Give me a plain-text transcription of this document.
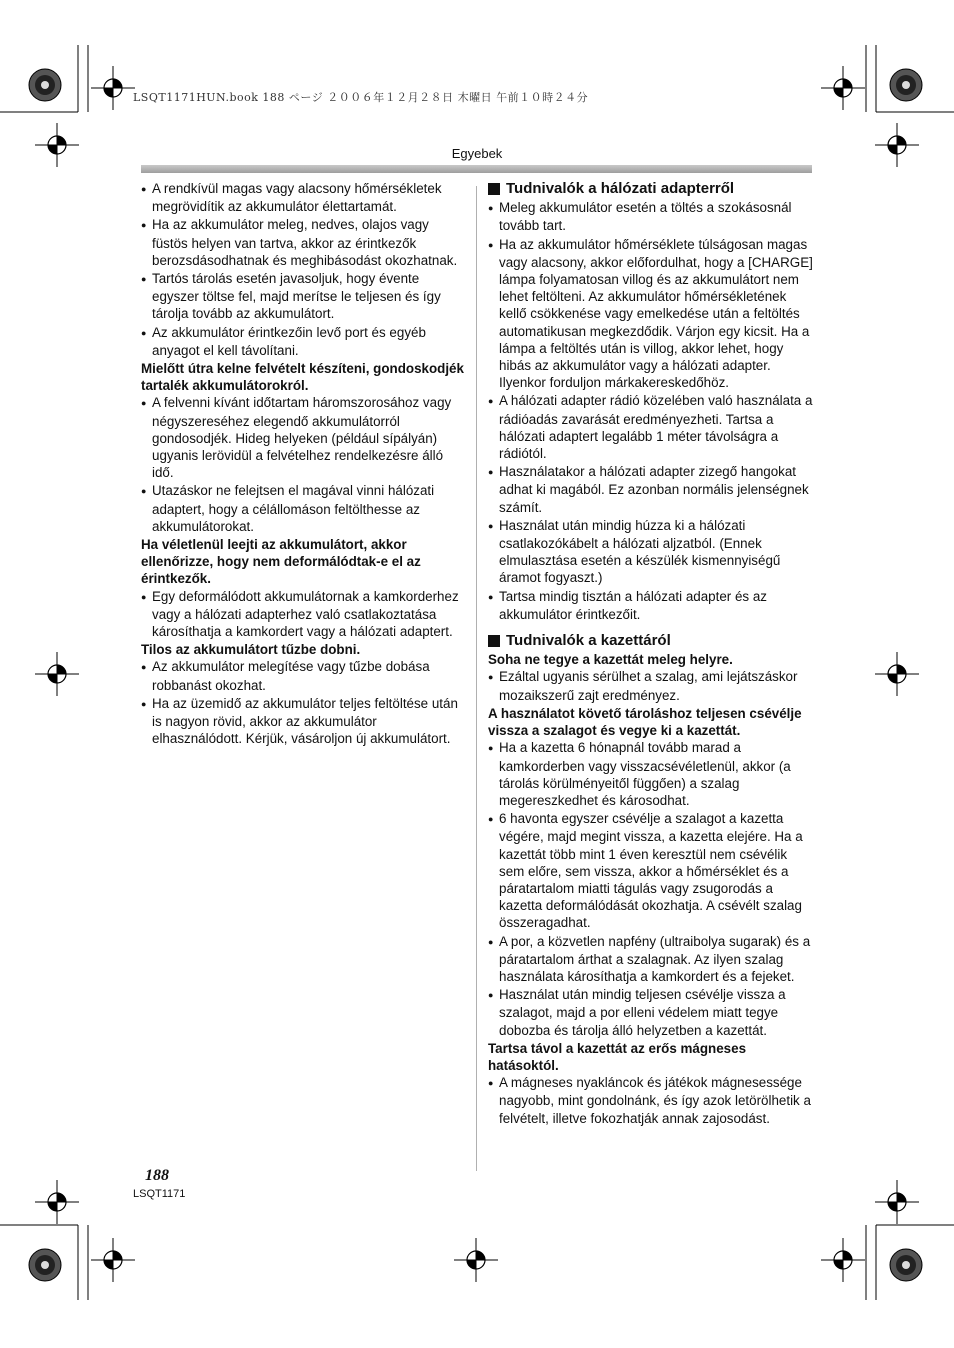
LSQT1171HUN.book 188 ページ ２００６年１２月２８日 木曜日 午前１０時２４分
Egyebek

● A rendkívül magas vagy alacsony hőmérsékletek megrövidítik az akkumulátor élettartamát.

● Ha az akkumulátor meleg, nedves, olajos vagy füstös helyen van tartva, akkor az érintkezők berozsdásodhatnak és meghibásodást okozhatnak.

● Tartós tárolás esetén javasoljuk, hogy évente egyszer töltse fel, majd merítse le teljesen és így tárolja tovább az akkumulátort.

● Az akkumulátor érintkezőin levő port és egyéb anyagot el kell távolítani.

Mielőtt útra kelne felvételt készíteni, gondoskodjék tartalék akkumulátorokról.

● A felvenni kívánt időtartam háromszorosához vagy négyszereséhez elegendő akkumulátorról gondosodjék. Hideg helyeken (például sípályán) ugyanis lerövidül a felvételhez rendelkezésre álló idő.

● Utazáskor ne felejtsen el magával vinni hálózati adaptert, hogy a célállomáson feltölthesse az akkumulátorokat.

Ha véletlenül leejti az akkumulátort, akkor ellenőrizze, hogy nem deformálódtak-e el az érintkezők.

● Egy deformálódott akkumulátornak a kamkorderhez vagy a hálózati adapterhez való csatlakoztatása károsíthatja a kamkordert vagy a hálózati adaptert.

Tilos az akkumulátort tűzbe dobni.

● Az akkumulátor melegítése vagy tűzbe dobása robbanást okozhat.

● Ha az üzemidő az akkumulátor teljes feltöltése után is nagyon rövid, akkor az akkumulátor elhasználódott. Kérjük, vásároljon új akkumulátort.

Tudnivalók a hálózati adapterről

● Meleg akkumulátor esetén a töltés a szokásosnál tovább tart.

● Ha az akkumulátor hőmérséklete túlságosan magas vagy alacsony, akkor előfordulhat, hogy a [CHARGE] lámpa folyamatosan villog és az akkumulátort nem lehet feltölteni. Az akkumulátor hőmérsékletének kellő csökkenése vagy emelkedése után a feltöltés automatikusan megkezdődik. Várjon egy kicsit. Ha a lámpa a feltöltés után is villog, akkor lehet, hogy hibás az akkumulátor vagy a hálózati adapter. Ilyenkor forduljon márkakereskedőhöz.

● A hálózati adapter rádió közelében való használata a rádióadás zavarását eredményezheti. Tartsa a hálózati adaptert legalább 1 méter távolságra a rádiótól.

● Használatakor a hálózati adapter zizegő hangokat adhat ki magából. Ez azonban normális jelenségnek számít.

● Használat után mindig húzza ki a hálózati csatlakozókábelt a hálózati aljzatból. (Ennek elmulasztása esetén a készülék kismennyiségű áramot fogyaszt.)

● Tartsa mindig tisztán a hálózati adapter és az akkumulátor érintkezőit.

Tudnivalók a kazettáról

Soha ne tegye a kazettát meleg helyre.

● Ezáltal ugyanis sérülhet a szalag, ami lejátszáskor mozaikszerű zajt eredményez.

A használatot követő tároláshoz teljesen csévélje vissza a szalagot és vegye ki a kazettát.

● Ha a kazetta 6 hónapnál tovább marad a kamkorderben vagy visszacsévéletlenül, akkor (a tárolás körülményeitől függően) a szalag megereszkedhet és károsodhat.

● 6 havonta egyszer csévélje a szalagot a kazetta végére, majd megint vissza, a kazetta elejére. Ha a kazettát több mint 1 éven keresztül nem csévélik sem előre, sem vissza, akkor a hőmérséklet és a páratartalom miatti tágulás vagy zsugorodás a kazetta deformálódását okozhatja. A csévélt szalag összeragadhat.

● A por, a közvetlen napfény (ultraibolya sugarak) és a páratartalom árthat a szalagnak. Az ilyen szalag használata károsíthatja a kamkordert és a fejeket.

● Használat után mindig teljesen csévélje vissza a szalagot, majd a por elleni védelem miatt tegye dobozba és tárolja álló helyzetben a kazettát.

Tartsa távol a kazettát az erős mágneses hatásoktól.

● A mágneses nyakláncok és játékok mágnesessége nagyobb, mint gondolnánk, és így azok letörölhetik a felvételt, illetve fokozhatják annak zajosodást.

188
LSQT1171
